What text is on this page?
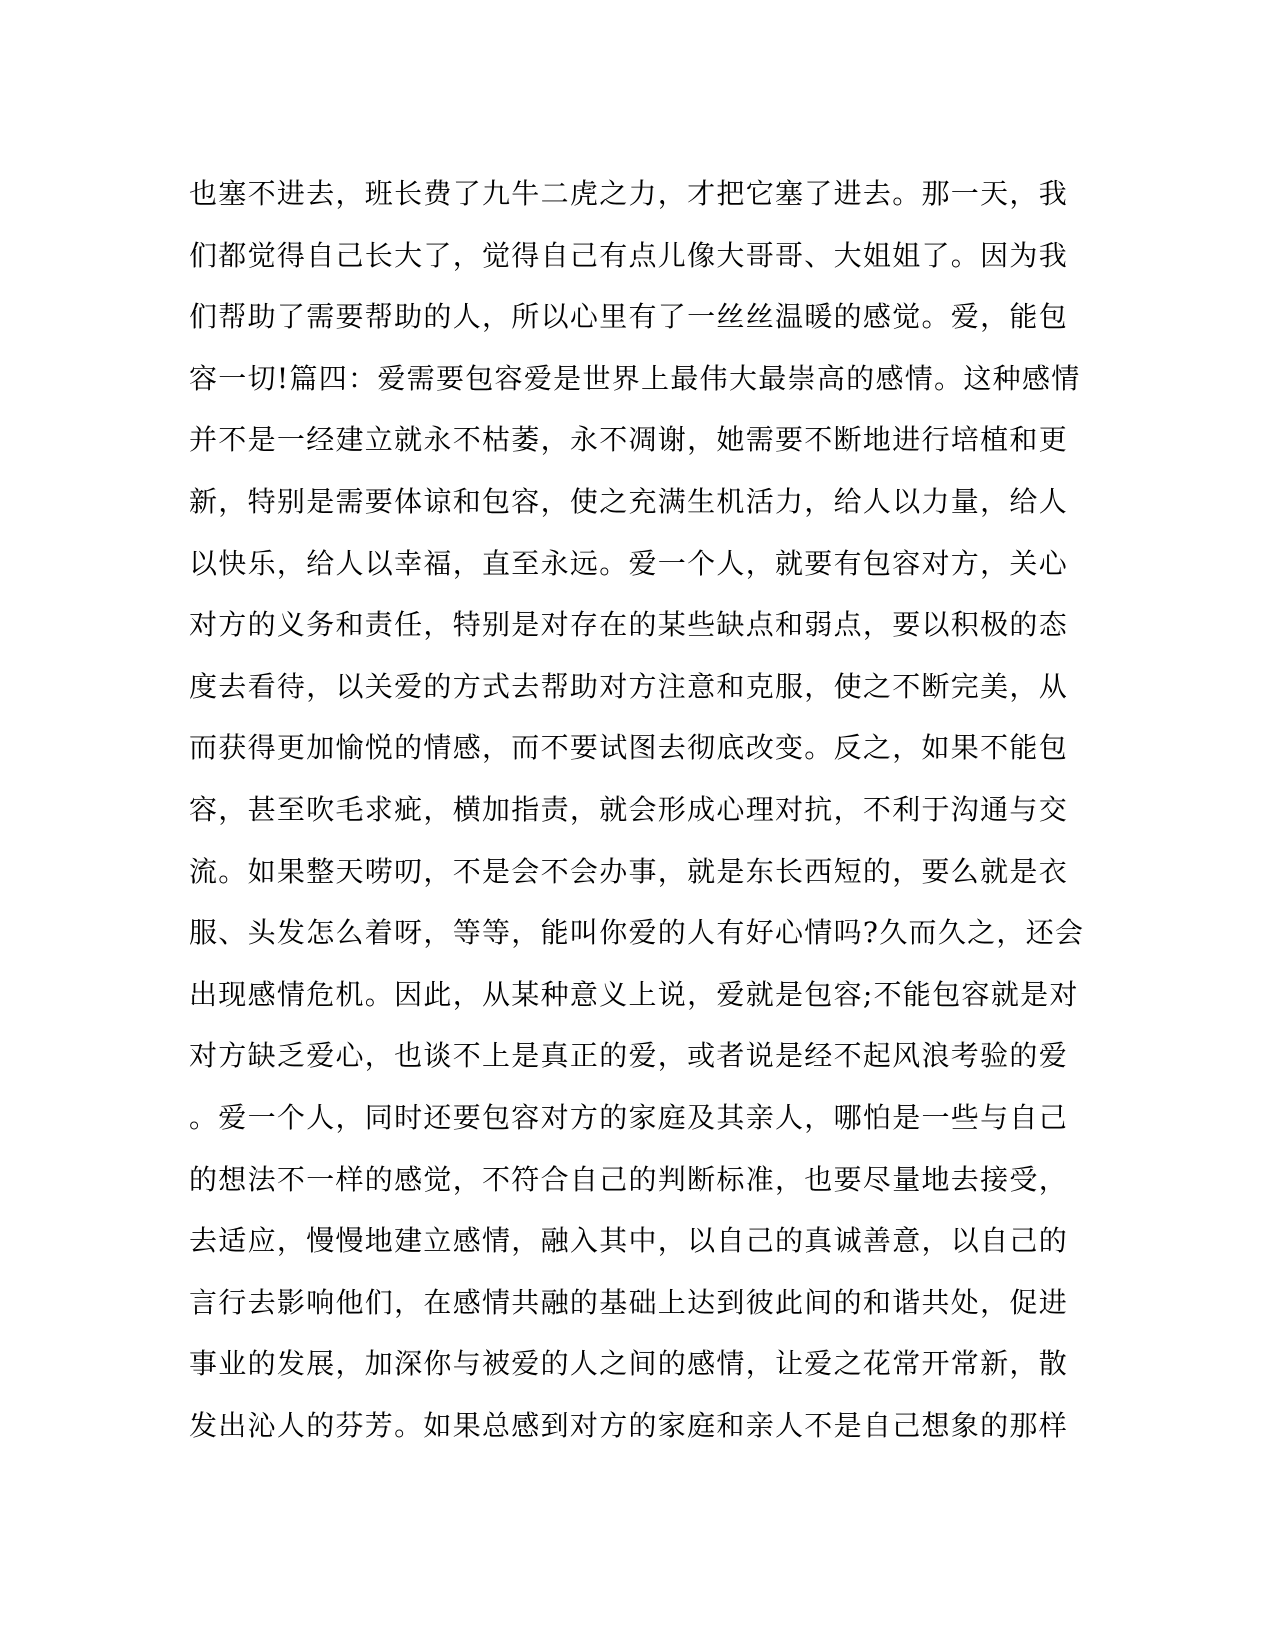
也塞不进去，班长费了九牛二虎之力，才把它塞了进去。那一天，我
们都觉得自己长大了，觉得自己有点儿像大哥哥、大姐姐了。因为我
们帮助了需要帮助的人，所以心里有了一丝丝温暖的感觉。爱，能包
容一切!篇四：爱需要包容爱是世界上最伟大最崇高的感情。这种感情
并不是一经建立就永不枯萎，永不凋谢，她需要不断地进行培植和更
新，特别是需要体谅和包容，使之充满生机活力，给人以力量，给人
以快乐，给人以幸福，直至永远。爱一个人，就要有包容对方，关心
对方的义务和责任，特别是对存在的某些缺点和弱点，要以积极的态
度去看待，以关爱的方式去帮助对方注意和克服，使之不断完美，从
而获得更加愉悦的情感，而不要试图去彻底改变。反之，如果不能包
容，甚至吹毛求疵，横加指责，就会形成心理对抗，不利于沟通与交
流。如果整天唠叨，不是会不会办事，就是东长西短的，要么就是衣
服、头发怎么着呀，等等，能叫你爱的人有好心情吗?久而久之，还会
出现感情危机。因此，从某种意义上说，爱就是包容;不能包容就是对
对方缺乏爱心，也谈不上是真正的爱，或者说是经不起风浪考验的爱
。爱一个人，同时还要包容对方的家庭及其亲人，哪怕是一些与自己
的想法不一样的感觉，不符合自己的判断标准，也要尽量地去接受，
去适应，慢慢地建立感情，融入其中，以自己的真诚善意，以自己的
言行去影响他们，在感情共融的基础上达到彼此间的和谐共处，促进
事业的发展，加深你与被爱的人之间的感情，让爱之花常开常新，散
发出沁人的芬芳。如果总感到对方的家庭和亲人不是自己想象的那样
